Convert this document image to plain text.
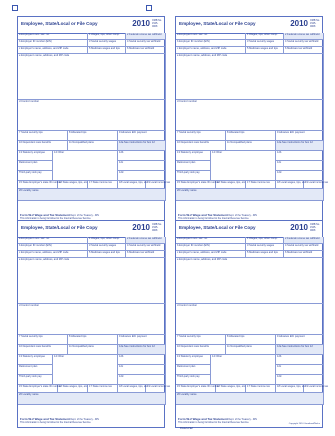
Employee, State/Local or File Copy	2010 OMB No. 1545-0008
a Employee's soc. sec. no.	1 Wages, tips, other comp.	2 Federal income tax withheld
b Employer ID number (EIN)	3 Social security wages	4 Social security tax withheld
c Employer's name, address, and ZIP code	5 Medicare wages and tips	6 Medicare tax withheld
e Employee's name, address, and ZIP code
d Control number
7 Social security tips	8 Allocated tips	9 Advance EIC payment
10 Dependent care benefits	11 Nonqualified plans	12a See instructions for box 12
13 Statutory employee	14 Other	12b
Retirement plan	12c
Third-party sick pay	12d
15 State Employer's state ID number
16 State wages, tips, etc. 17 State income tax	18 Local wages, tips, etc.
19 Local income tax
20 Locality name
Form W-2 Wage and Tax Statement Dept. of the Treasury - IRS
This information is being furnished to the Internal Revenue Service.
Employee, State/Local or File Copy	2010 OMB No. 1545-0008
a Employee's soc. sec. no.	1 Wages, tips, other comp.	2 Federal income tax withheld
b Employer ID number (EIN)	3 Social security wages	4 Social security tax withheld
c Employer's name, address, and ZIP code	5 Medicare wages and tips	6 Medicare tax withheld
e Employee's name, address, and ZIP code
d Control number
7 Social security tips	8 Allocated tips	9 Advance EIC payment
10 Dependent care benefits	11 Nonqualified plans	12a See instructions for box 12
13 Statutory employee	14 Other	12b
Retirement plan	12c
Third-party sick pay	12d
15 State Employer's state ID number
16 State wages, tips, etc. 17 State income tax	18 Local wages, tips, etc.
19 Local income tax
20 Locality name
Form W-2 Wage and Tax Statement Dept. of the Treasury - IRS
This information is being furnished to the Internal Revenue Service.
Employee, State/Local or File Copy	2010 OMB No. 1545-0008
a Employee's soc. sec. no.	1 Wages, tips, other comp.	2 Federal income tax withheld
b Employer ID number (EIN)	3 Social security wages	4 Social security tax withheld
c Employer's name, address, and ZIP code	5 Medicare wages and tips	6 Medicare tax withheld
e Employee's name, address, and ZIP code
d Control number
7 Social security tips	8 Allocated tips	9 Advance EIC payment
10 Dependent care benefits	11 Nonqualified plans	12a See instructions for box 12
13 Statutory employee	14 Other	12b
Retirement plan	12c
Third-party sick pay	12d
15 State Employer's state ID number
16 State wages, tips, etc. 17 State income tax	18 Local wages, tips, etc.
19 Local income tax
20 Locality name
Form W-2 Wage and Tax Statement Dept. of the Treasury - IRS
This information is being furnished to the Internal Revenue Service.
Employee, State/Local or File Copy	2010 OMB No. 1545-0008
a Employee's soc. sec. no.	1 Wages, tips, other comp.	2 Federal income tax withheld
b Employer ID number (EIN)	3 Social security wages	4 Social security tax withheld
c Employer's name, address, and ZIP code	5 Medicare wages and tips	6 Medicare tax withheld
e Employee's name, address, and ZIP code
d Control number
7 Social security tips	8 Allocated tips	9 Advance EIC payment
10 Dependent care benefits	11 Nonqualified plans	12a See instructions for box 12
13 Statutory employee	14 Other	12b
Retirement plan	12c
Third-party sick pay	12d
15 State Employer's state ID number
16 State wages, tips, etc. 17 State income tax	18 Local wages, tips, etc.
19 Local income tax
20 Locality name
Form W-2 Wage and Tax Statement Dept. of the Treasury - IRS
This information is being furnished to the Internal Revenue Service.	Copyright 2010 Greatland/Nelco
BW22UPEZ
